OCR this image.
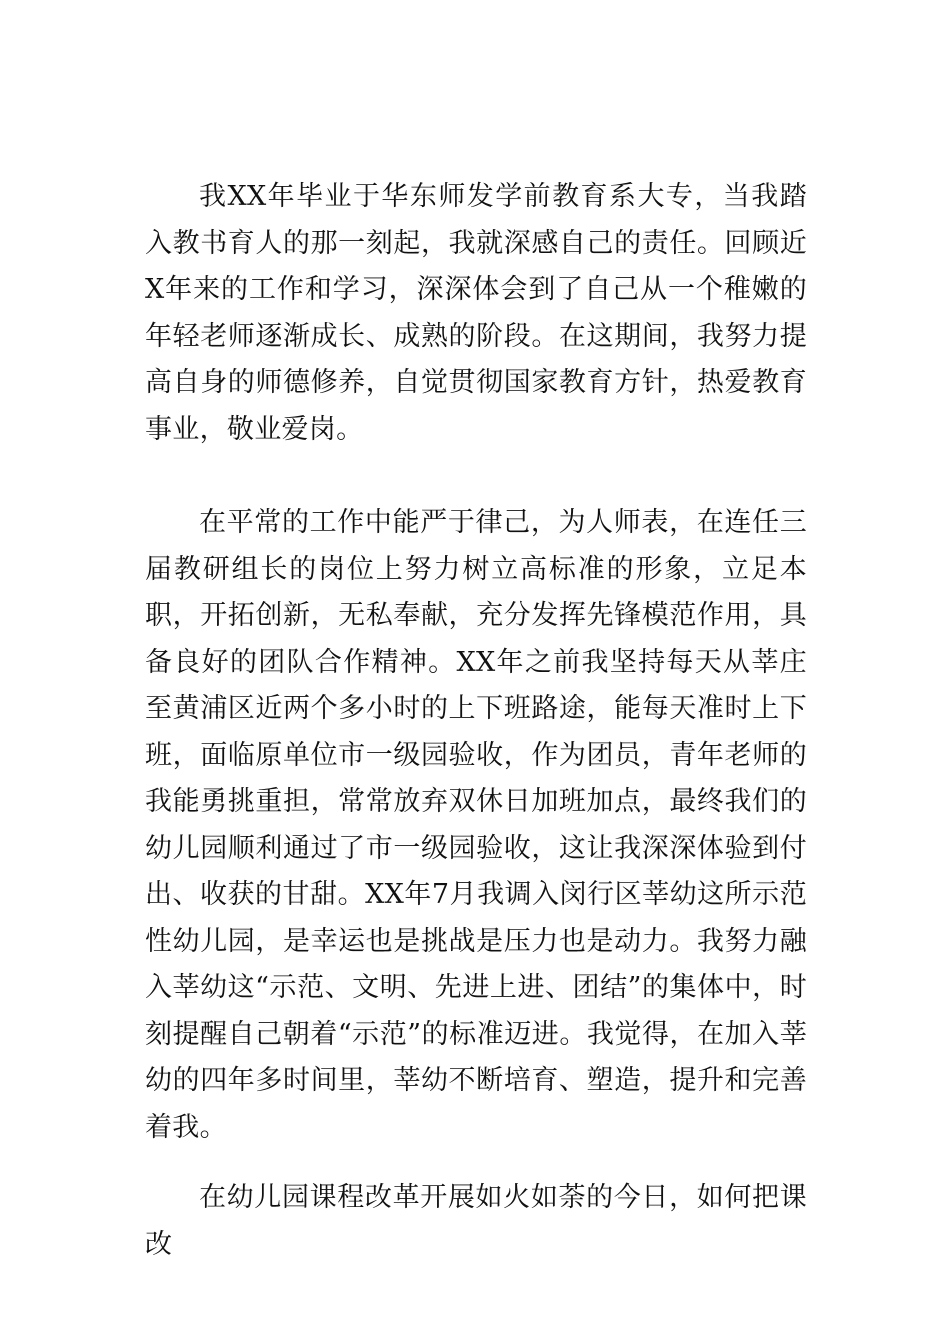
我XX年毕业于华东师发学前教育系大专，当我踏入教书育人的那一刻起，我就深感自己的责任。回顾近X年来的工作和学习，深深体会到了自己从一个稚嫩的年轻老师逐渐成长、成熟的阶段。在这期间，我努力提高自身的师德修养，自觉贯彻国家教育方针，热爱教育事业，敬业爱岗。

在平常的工作中能严于律己，为人师表，在连任三届教研组长的岗位上努力树立高标准的形象，立足本职，开拓创新，无私奉献，充分发挥先锋模范作用，具备良好的团队合作精神。XX年之前我坚持每天从莘庄至黄浦区近两个多小时的上下班路途，能每天准时上下班，面临原单位市一级园验收，作为团员，青年老师的我能勇挑重担，常常放弃双休日加班加点，最终我们的幼儿园顺利通过了市一级园验收，这让我深深体验到付出、收获的甘甜。XX年7月我调入闵行区莘幼这所示范性幼儿园，是幸运也是挑战是压力也是动力。我努力融入莘幼这“示范、文明、先进上进、团结”的集体中，时刻提醒自己朝着“示范”的标准迈进。我觉得，在加入莘幼的四年多时间里，莘幼不断培育、塑造，提升和完善着我。

在幼儿园课程改革开展如火如荼的今日，如何把课改
